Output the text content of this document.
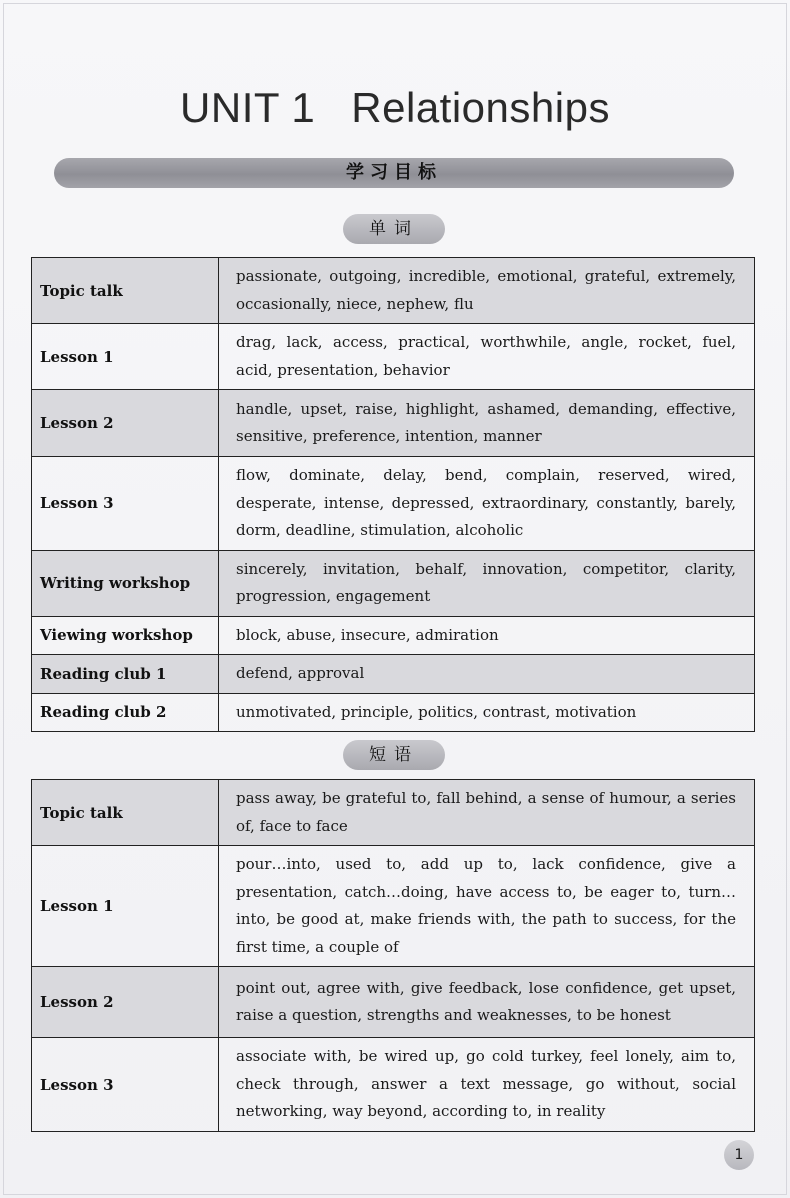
UNIT 1 Relationships
学习目标
单词
Topic talk	passionate, outgoing, incredible, emotional, grateful, extremely, occasionally, niece, nephew, flu
Lesson 1	drag, lack, access, practical, worthwhile, angle, rocket, fuel, acid, presentation, behavior
Lesson 2	handle, upset, raise, highlight, ashamed, demanding, effective, sensitive, preference, intention, manner
Lesson 3	flow, dominate, delay, bend, complain, reserved, wired, desperate, intense, depressed, extraordinary, constantly, barely, dorm, deadline, stimulation, alcoholic
Writing workshop	sincerely, invitation, behalf, innovation, competitor, clarity, progression, engagement
Viewing workshop	block, abuse, insecure, admiration
Reading club 1	defend, approval
Reading club 2	unmotivated, principle, politics, contrast, motivation
短语
Topic talk	pass away, be grateful to, fall behind, a sense of humour, a series of, face to face
Lesson 1	pour…into, used to, add up to, lack confidence, give a presentation, catch…doing, have access to, be eager to, turn…into, be good at, make friends with, the path to success, for the first time, a couple of
Lesson 2	point out, agree with, give feedback, lose confidence, get upset, raise a question, strengths and weaknesses, to be honest
Lesson 3	associate with, be wired up, go cold turkey, feel lonely, aim to, check through, answer a text message, go without, social networking, way beyond, according to, in reality
1
